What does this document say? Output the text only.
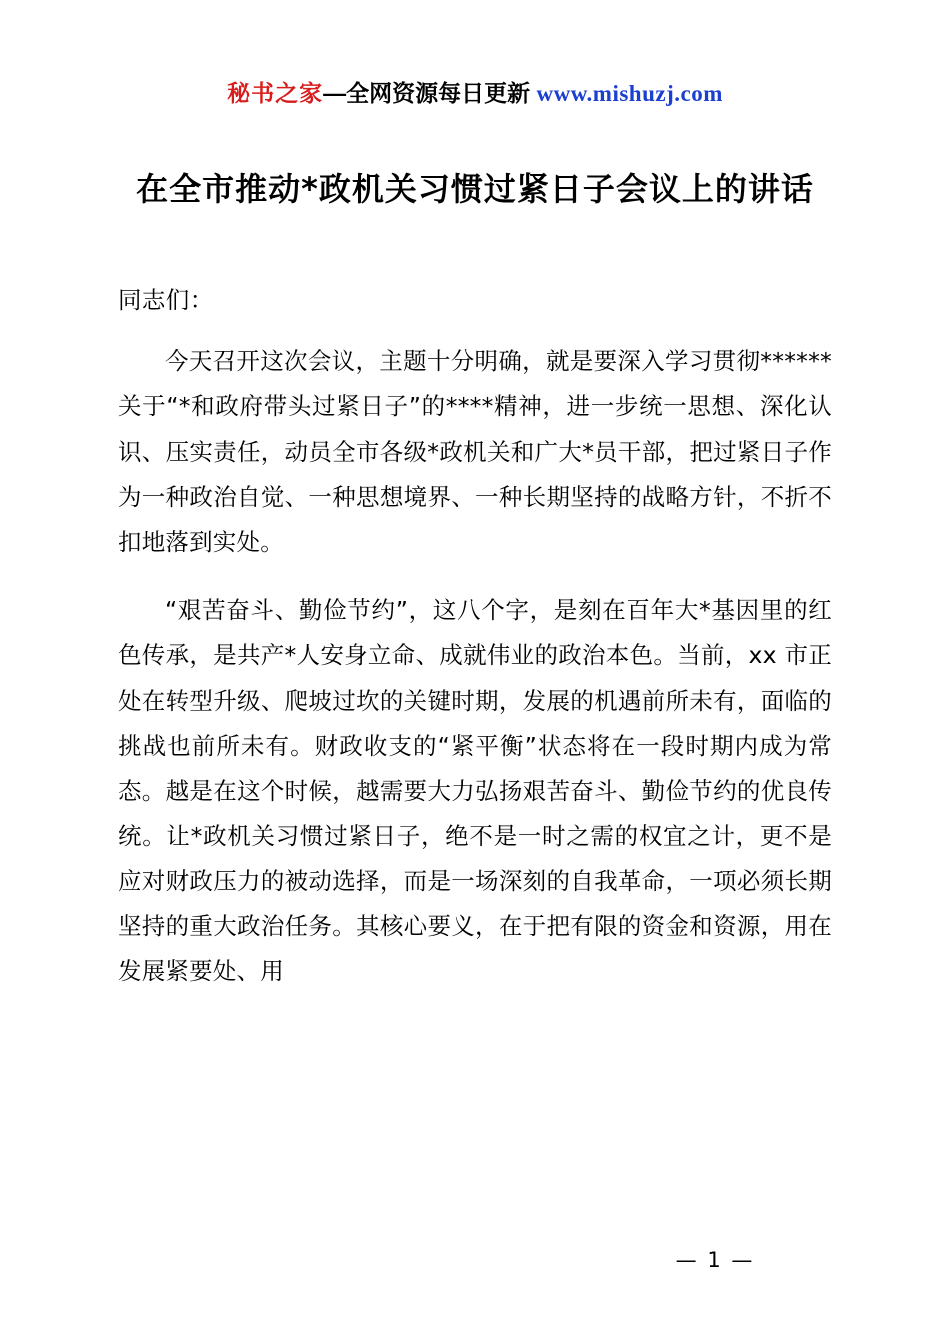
秘书之家—全网资源每日更新 www.mishuzj.com
在全市推动*政机关习惯过紧日子会议上的讲话
同志们：

今天召开这次会议，主题十分明确，就是要深入学习贯彻******关于“*和政府带头过紧日子”的****精神，进一步统一思想、深化认识、压实责任，动员全市各级*政机关和广大*员干部，把过紧日子作为一种政治自觉、一种思想境界、一种长期坚持的战略方针，不折不扣地落到实处。

“艰苦奋斗、勤俭节约”，这八个字，是刻在百年大*基因里的红色传承，是共产*人安身立命、成就伟业的政治本色。当前，xx 市正处在转型升级、爬坡过坎的关键时期，发展的机遇前所未有，面临的挑战也前所未有。财政收支的“紧平衡”状态将在一段时期内成为常态。越是在这个时候，越需要大力弘扬艰苦奋斗、勤俭节约的优良传统。让*政机关习惯过紧日子，绝不是一时之需的权宜之计，更不是应对财政压力的被动选择，而是一场深刻的自我革命，一项必须长期坚持的重大政治任务。其核心要义，在于把有限的资金和资源，用在发展紧要处、用

— 1 —
